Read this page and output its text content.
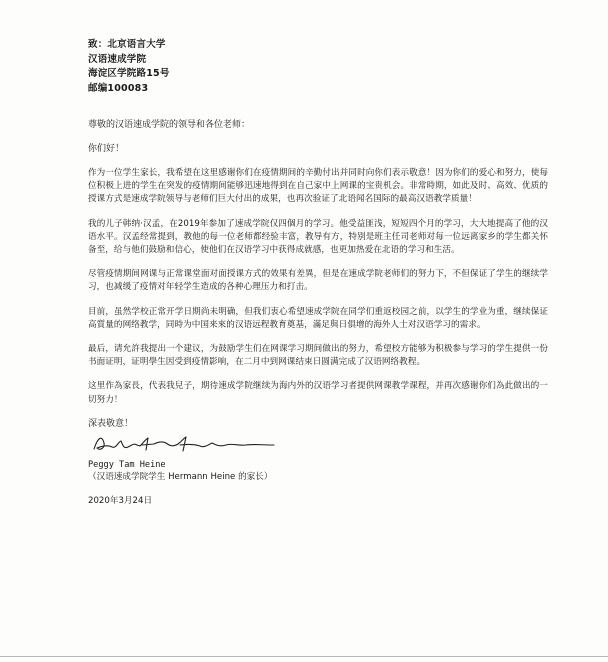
致：北京语言大学
汉语速成学院
海淀区学院路15号
邮编100083
尊敬的汉语速成学院的领导和各位老师：
你们好！
作为一位学生家长，我希望在这里感谢你们在疫情期间的辛勤付出并同时向你们表示敬意！因为你们的爱心和努力，使每位积极上进的学生在突发的疫情期间能够迅速地得到在自己家中上网课的宝贵机会。非常時期，如此及时、高效、优质的授课方式是速成学院领导与老师们巨大付出的成果，也再次验证了北语闻名国际的最高汉语教学质量！
我的儿子韩纳·汉孟，在2019年参加了速成学院仅四個月的学习。他受益匪浅，短短四个月的学习，大大地提高了他的汉语水平。汉孟经常提到，教他的每一位老师都经验丰富，教导有方，特别是班主任司老师对每一位远离家乡的学生都关怀备至，给与他们鼓励和信心，使他们在汉语学习中获得成就感，也更加热爱在北语的学习和生活。
尽管疫情期间网课与正常课堂面对面授课方式的效果有差異，但是在速成学院老师们的努力下，不但保证了学生的继续学习，也减缓了疫情对年轻学生造成的各种心理压力和打击。
目前，虽然学校正常开学日期尚未明确，但我们衷心希望速成学院在同学们重返校园之前，以学生的学业为重，继续保证高質量的网络教学，同時为中国来來的汉语远程教育奠基，滿足與日俱增的海外人士对汉语学习的需求。
最后，请允許我提出一个建议，为鼓励学生们在网课学习期间做出的努力，希望校方能够为积极参与学习的学生提供一份书面证明，证明學生因受到疫情影响，在二月中到网课结束日圆满完成了汉语网络教程。
这里作為家長，代表我兒子，期待速成学院继续为海内外的汉语学习者提供网课教学课程，并再次感谢你们為此做出的一切努力！
深表敬意！
Peggy Tam Heine
（汉语速成学院学生 Hermann Heine 的家长）
2020年3月24日
